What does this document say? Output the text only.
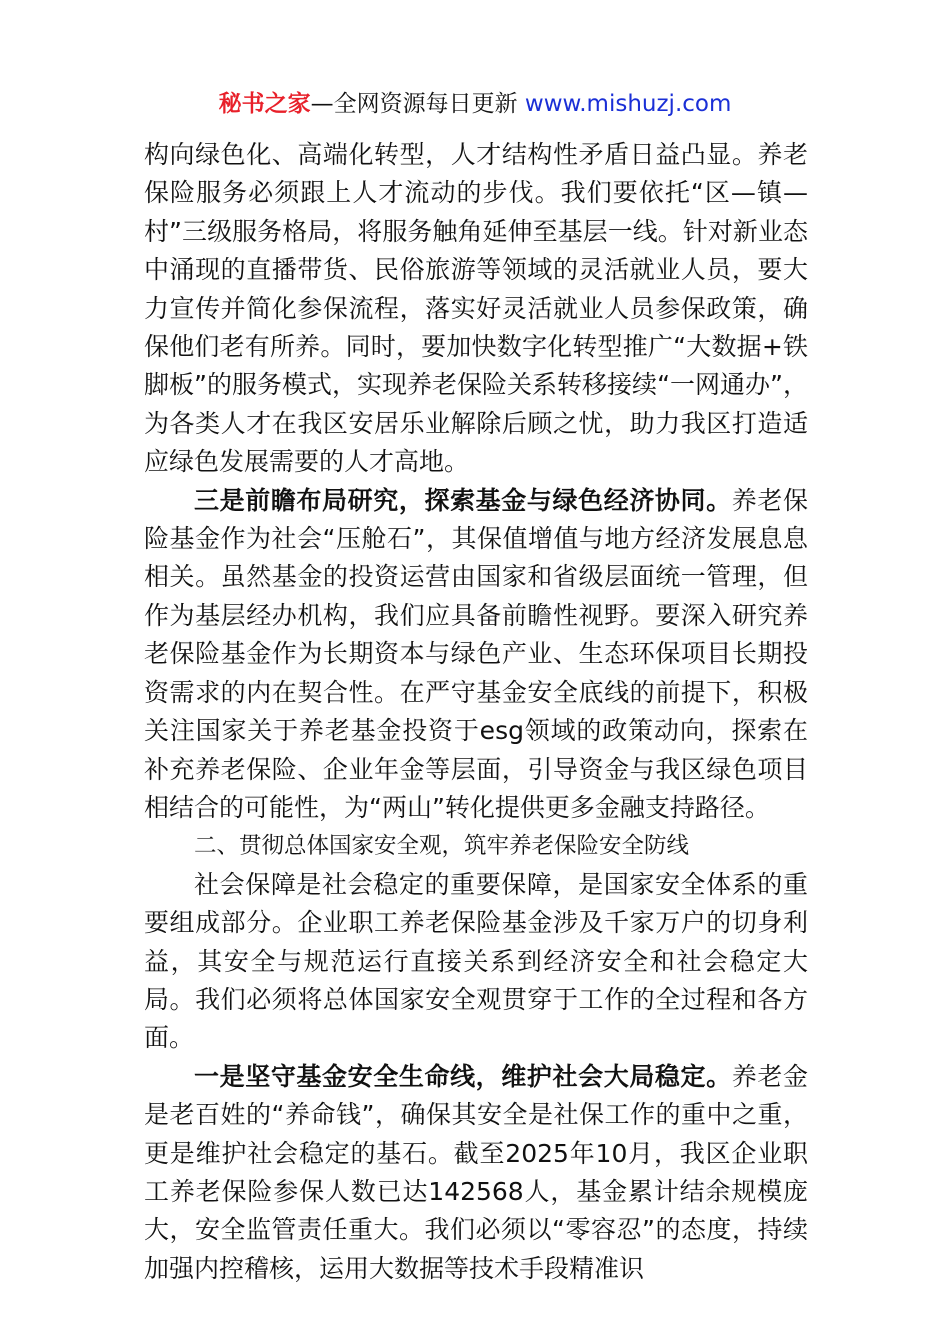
秘书之家—全网资源每日更新 www.mishuzj.com

构向绿色化、高端化转型，人才结构性矛盾日益凸显。养老保险服务必须跟上人才流动的步伐。我们要依托“区—镇—村”三级服务格局，将服务触角延伸至基层一线。针对新业态中涌现的直播带货、民俗旅游等领域的灵活就业人员，要大力宣传并简化参保流程，落实好灵活就业人员参保政策，确保他们老有所养。同时，要加快数字化转型推广“大数据+铁脚板”的服务模式，实现养老保险关系转移接续“一网通办”，为各类人才在我区安居乐业解除后顾之忧，助力我区打造适应绿色发展需要的人才高地。

三是前瞻布局研究，探索基金与绿色经济协同。养老保险基金作为社会“压舱石”，其保值增值与地方经济发展息息相关。虽然基金的投资运营由国家和省级层面统一管理，但作为基层经办机构，我们应具备前瞻性视野。要深入研究养老保险基金作为长期资本与绿色产业、生态环保项目长期投资需求的内在契合性。在严守基金安全底线的前提下，积极关注国家关于养老基金投资于esg领域的政策动向，探索在补充养老保险、企业年金等层面，引导资金与我区绿色项目相结合的可能性，为“两山”转化提供更多金融支持路径。

二、贯彻总体国家安全观，筑牢养老保险安全防线

社会保障是社会稳定的重要保障，是国家安全体系的重要组成部分。企业职工养老保险基金涉及千家万户的切身利益，其安全与规范运行直接关系到经济安全和社会稳定大局。我们必须将总体国家安全观贯穿于工作的全过程和各方面。

一是坚守基金安全生命线，维护社会大局稳定。养老金是老百姓的“养命钱”，确保其安全是社保工作的重中之重，更是维护社会稳定的基石。截至2025年10月，我区企业职工养老保险参保人数已达142568人，基金累计结余规模庞大，安全监管责任重大。我们必须以“零容忍”的态度，持续加强内控稽核，运用大数据等技术手段精准识
